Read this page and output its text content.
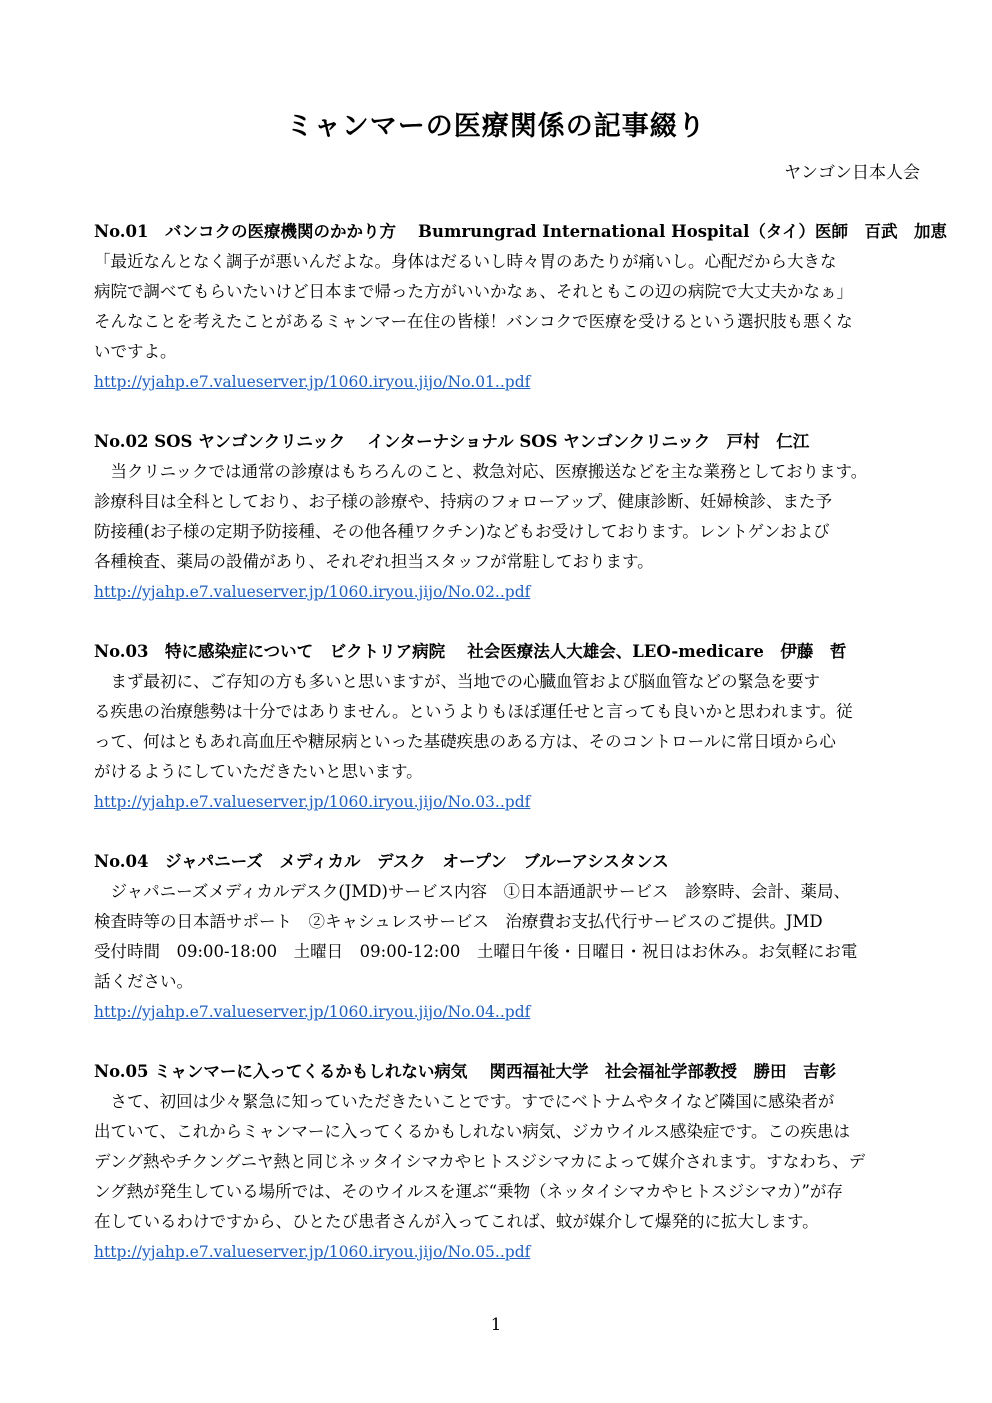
ミャンマーの医療関係の記事綴り

ヤンゴン日本人会

No.01　 バンコクの医療機関のかかり方 Bumrungrad International Hospital（タイ）医師　百武　加恵

「最近なんとなく調子が悪いんだよな。身体はだるいし時々胃のあたりが痛いし。心配だから大きな
病院で調べてもらいたいけど日本まで帰った方がいいかなぁ、それともこの辺の病院で大丈夫かなぁ」
そんなことを考えたことがあるミャンマー在住の皆様！バンコクで医療を受けるという選択肢も悪くな
いですよ。

http://yjahp.e7.valueserver.jp/1060.iryou.jijo/No.01..pdf

No.02 SOS ヤンゴンクリニック インターナショナル SOS ヤンゴンクリニック　戸村　仁江

　当クリニックでは通常の診療はもちろんのこと、救急対応、医療搬送などを主な業務としております。
診療科目は全科としており、お子様の診療や、持病のフォローアップ、健康診断、妊婦検診、また予
防接種(お子様の定期予防接種、その他各種ワクチン)などもお受けしております。レントゲンおよび
各種検査、薬局の設備があり、それぞれ担当スタッフが常駐しております。

http://yjahp.e7.valueserver.jp/1060.iryou.jijo/No.02..pdf

No.03　 特に感染症について　ビクトリア病院 社会医療法人大雄会、LEO-medicare　伊藤　哲

　まず最初に、ご存知の方も多いと思いますが、当地での心臓血管および脳血管などの緊急を要す
る疾患の治療態勢は十分ではありません。というよりもほぼ運任せと言っても良いかと思われます。従
って、何はともあれ高血圧や糖尿病といった基礎疾患のある方は、そのコントロールに常日頃から心
がけるようにしていただきたいと思います。

http://yjahp.e7.valueserver.jp/1060.iryou.jijo/No.03..pdf

No.04　 ジャパニーズ　メディカル　デスク　オープン　 ブルーアシスタンス

　ジャパニーズメディカルデスク(JMD)サービス内容　①日本語通訳サービス　診察時、会計、薬局、
検査時等の日本語サポート　②キャシュレスサービス　治療費お支払代行サービスのご提供。JMD
受付時間　09:00-18:00　土曜日　09:00-12:00　土曜日午後・日曜日・祝日はお休み。お気軽にお電
話ください。

http://yjahp.e7.valueserver.jp/1060.iryou.jijo/No.04..pdf

No.05 ミャンマーに入ってくるかもしれない病気 関西福祉大学　社会福祉学部教授　勝田　吉彰

　さて、初回は少々緊急に知っていただきたいことです。すでにベトナムやタイなど隣国に感染者が
出ていて、これからミャンマーに入ってくるかもしれない病気、ジカウイルス感染症です。この疾患は
デング熱やチクングニヤ熱と同じネッタイシマカやヒトスジシマカによって媒介されます。すなわち、デ
ング熱が発生している場所では、そのウイルスを運ぶ“乗物（ネッタイシマカやヒトスジシマカ）”が存
在しているわけですから、ひとたび患者さんが入ってこれば、蚊が媒介して爆発的に拡大します。

http://yjahp.e7.valueserver.jp/1060.iryou.jijo/No.05..pdf

1
